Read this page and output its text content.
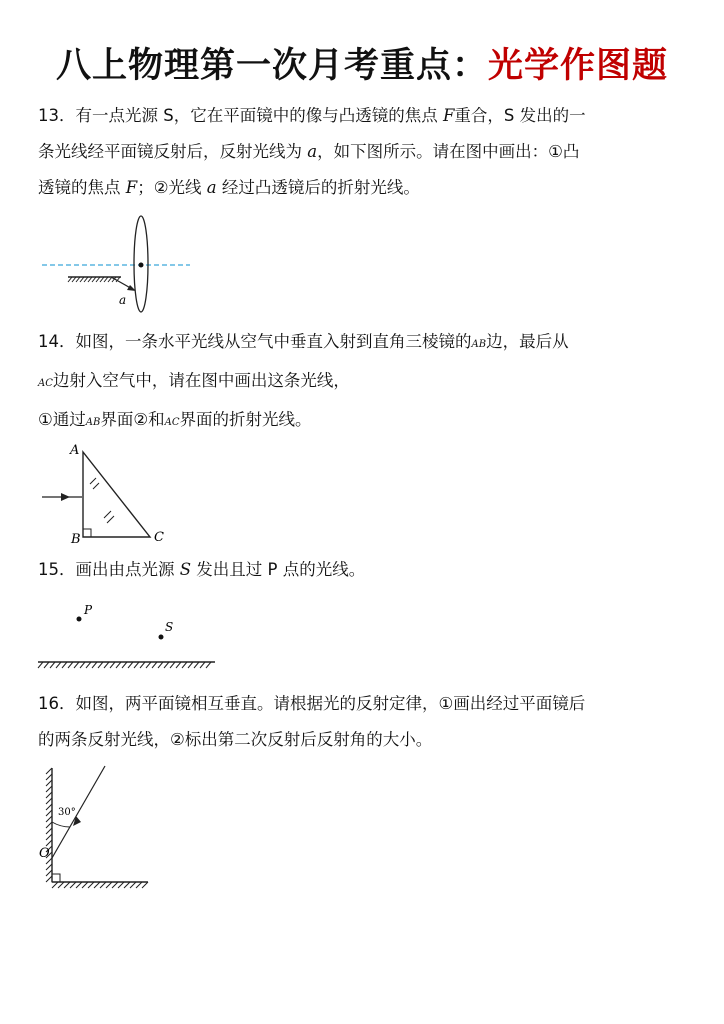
八上物理第一次月考重点：光学作图题
13．有一点光源 S，它在平面镜中的像与凸透镜的焦点 F重合，S 发出的一
条光线经平面镜反射后，反射光线为 a，如下图所示。请在图中画出：①凸
透镜的焦点 F；②光线 a 经过凸透镜后的折射光线。
a
14．如图，一条水平光线从空气中垂直入射到直角三棱镜的AB边，最后从
AC边射入空气中，请在图中画出这条光线，
①通过AB界面②和AC界面的折射光线。
A
B	C
15．画出由点光源 S 发出且过 P 点的光线。
P
S
16．如图，两平面镜相互垂直。请根据光的反射定律，①画出经过平面镜后
的两条反射光线，②标出第二次反射后反射角的大小。
30°
O
